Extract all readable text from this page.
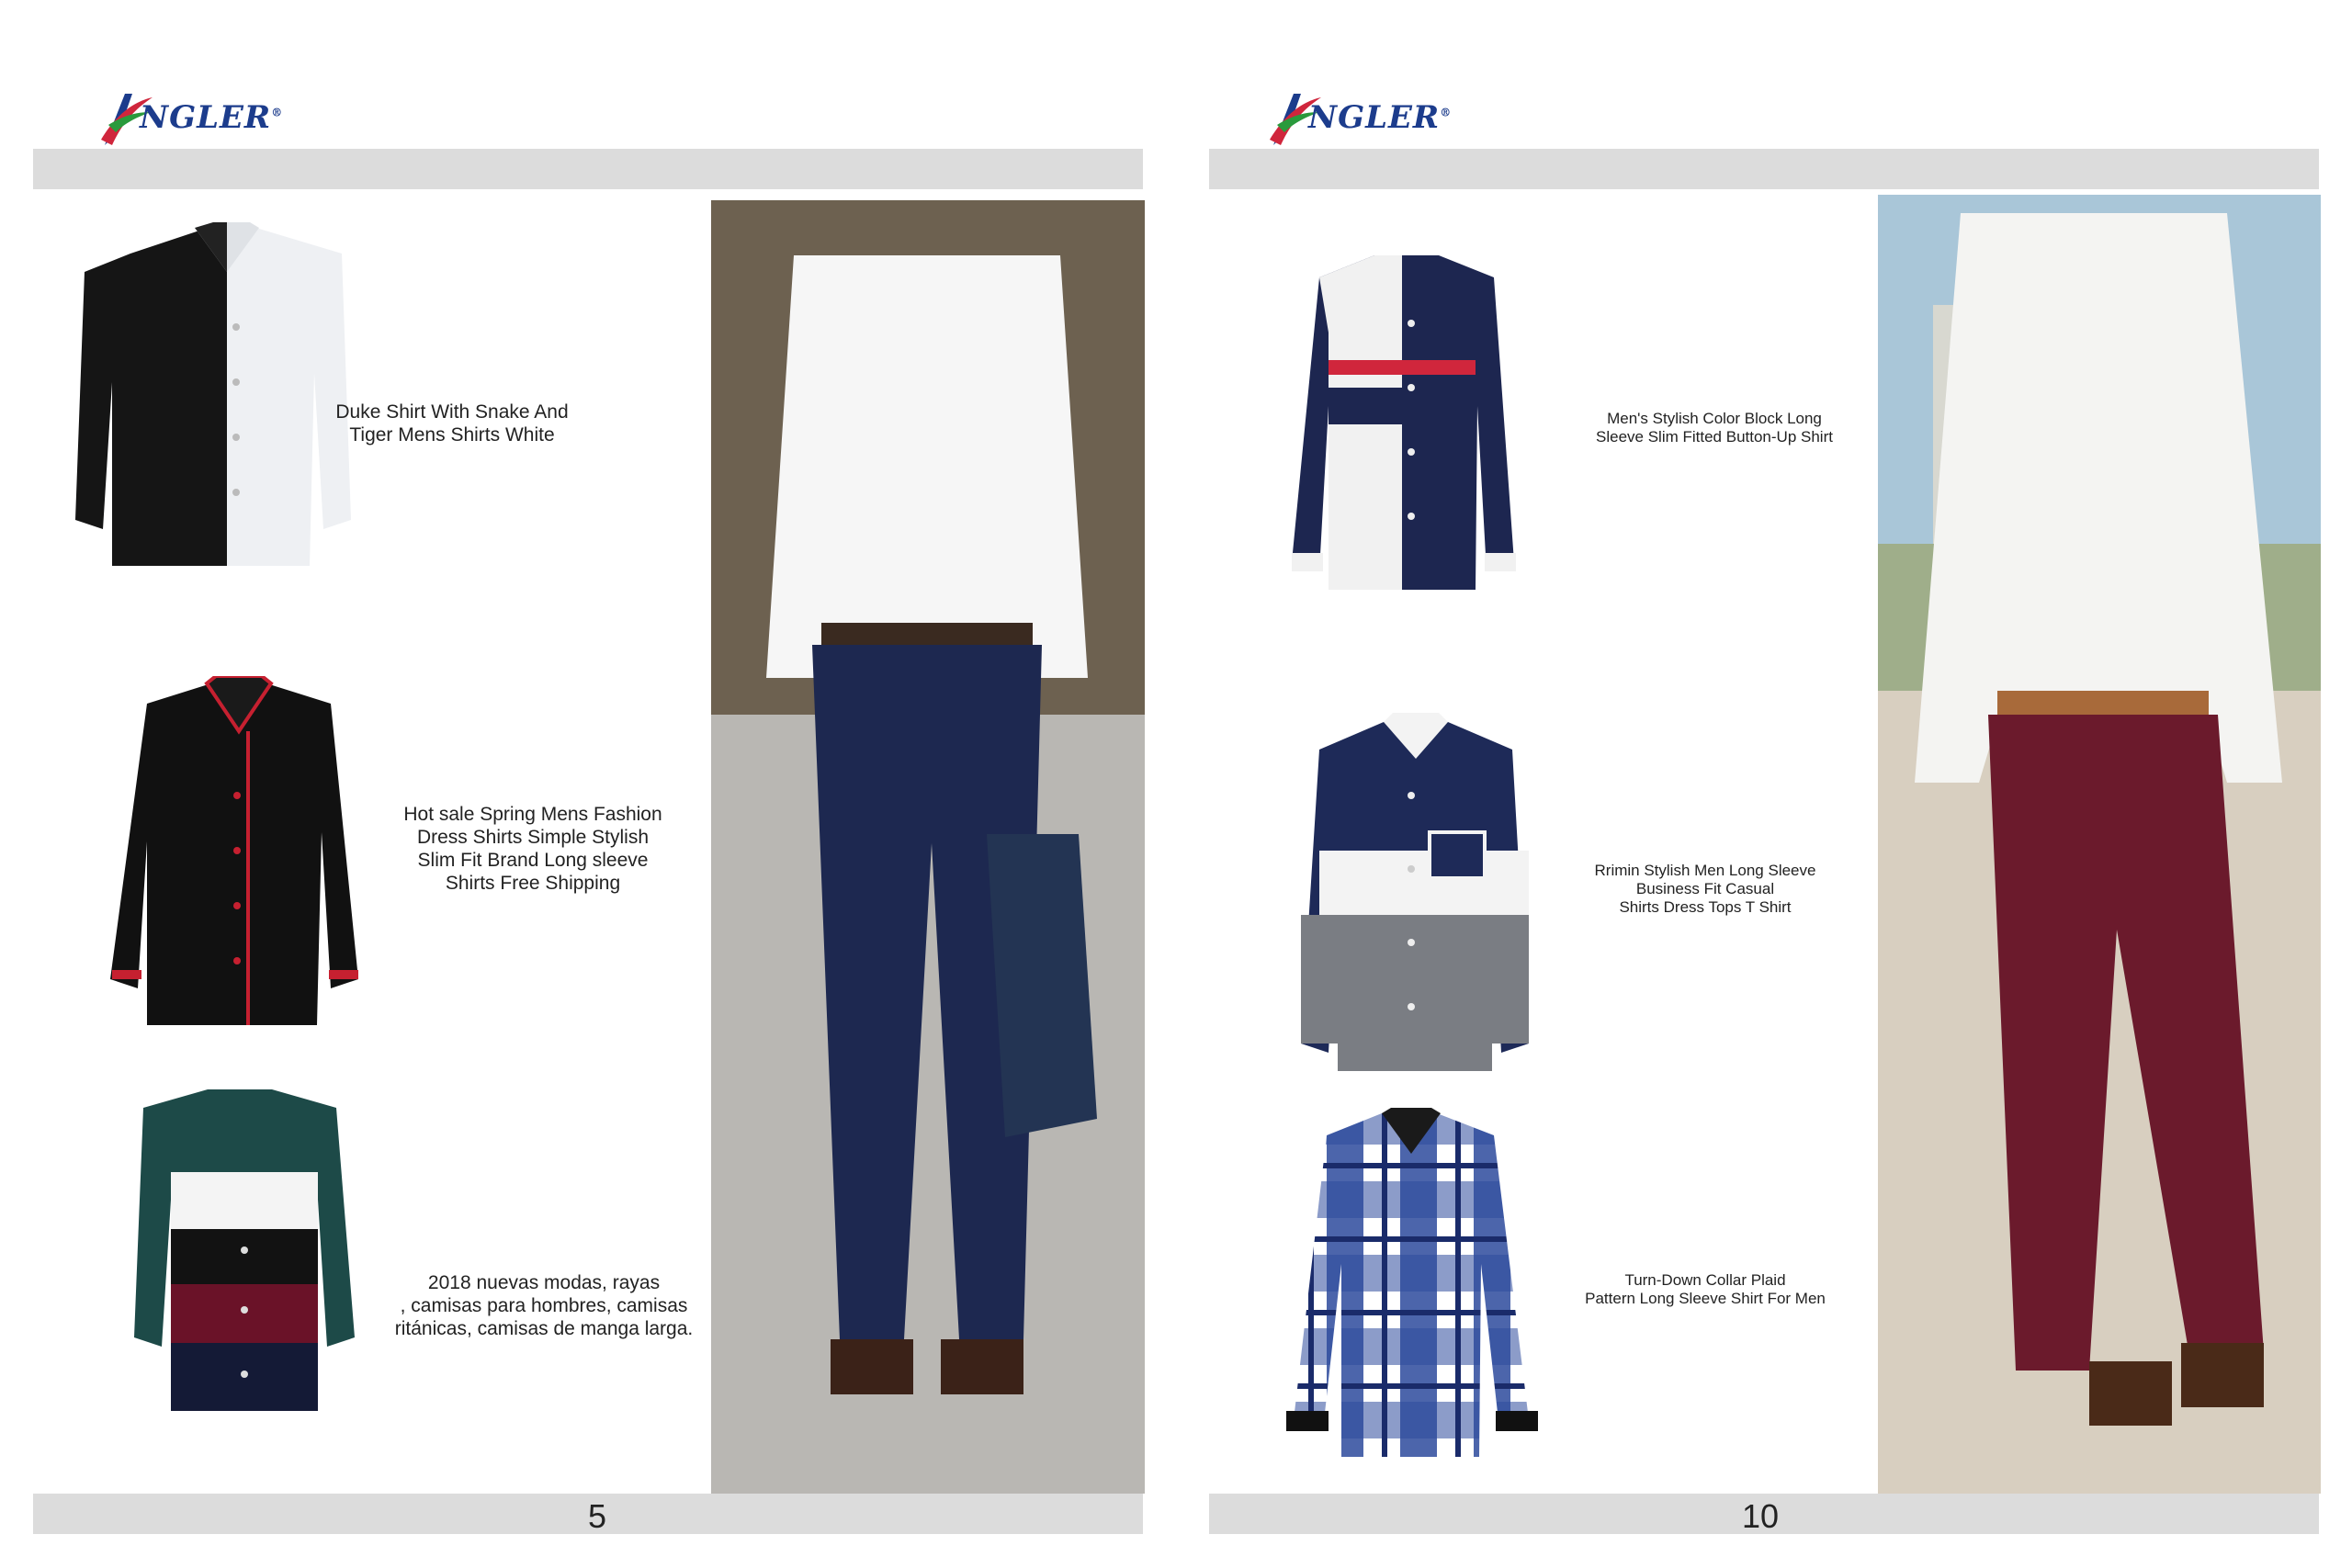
NGLER®
Duke Shirt With Snake And
Tiger Mens Shirts White
Hot sale Spring Mens Fashion
Dress Shirts Simple Stylish
Slim Fit Brand Long sleeve
Shirts Free Shipping
2018 nuevas modas, rayas
, camisas para hombres, camisas
ritánicas, camisas de manga larga.
5
NGLER®
Men's Stylish Color Block Long
Sleeve Slim Fitted Button-Up Shirt
Rrimin Stylish Men Long Sleeve
Business Fit Casual
Shirts Dress Tops T Shirt
Turn-Down Collar Plaid
Pattern Long Sleeve Shirt For Men
10
